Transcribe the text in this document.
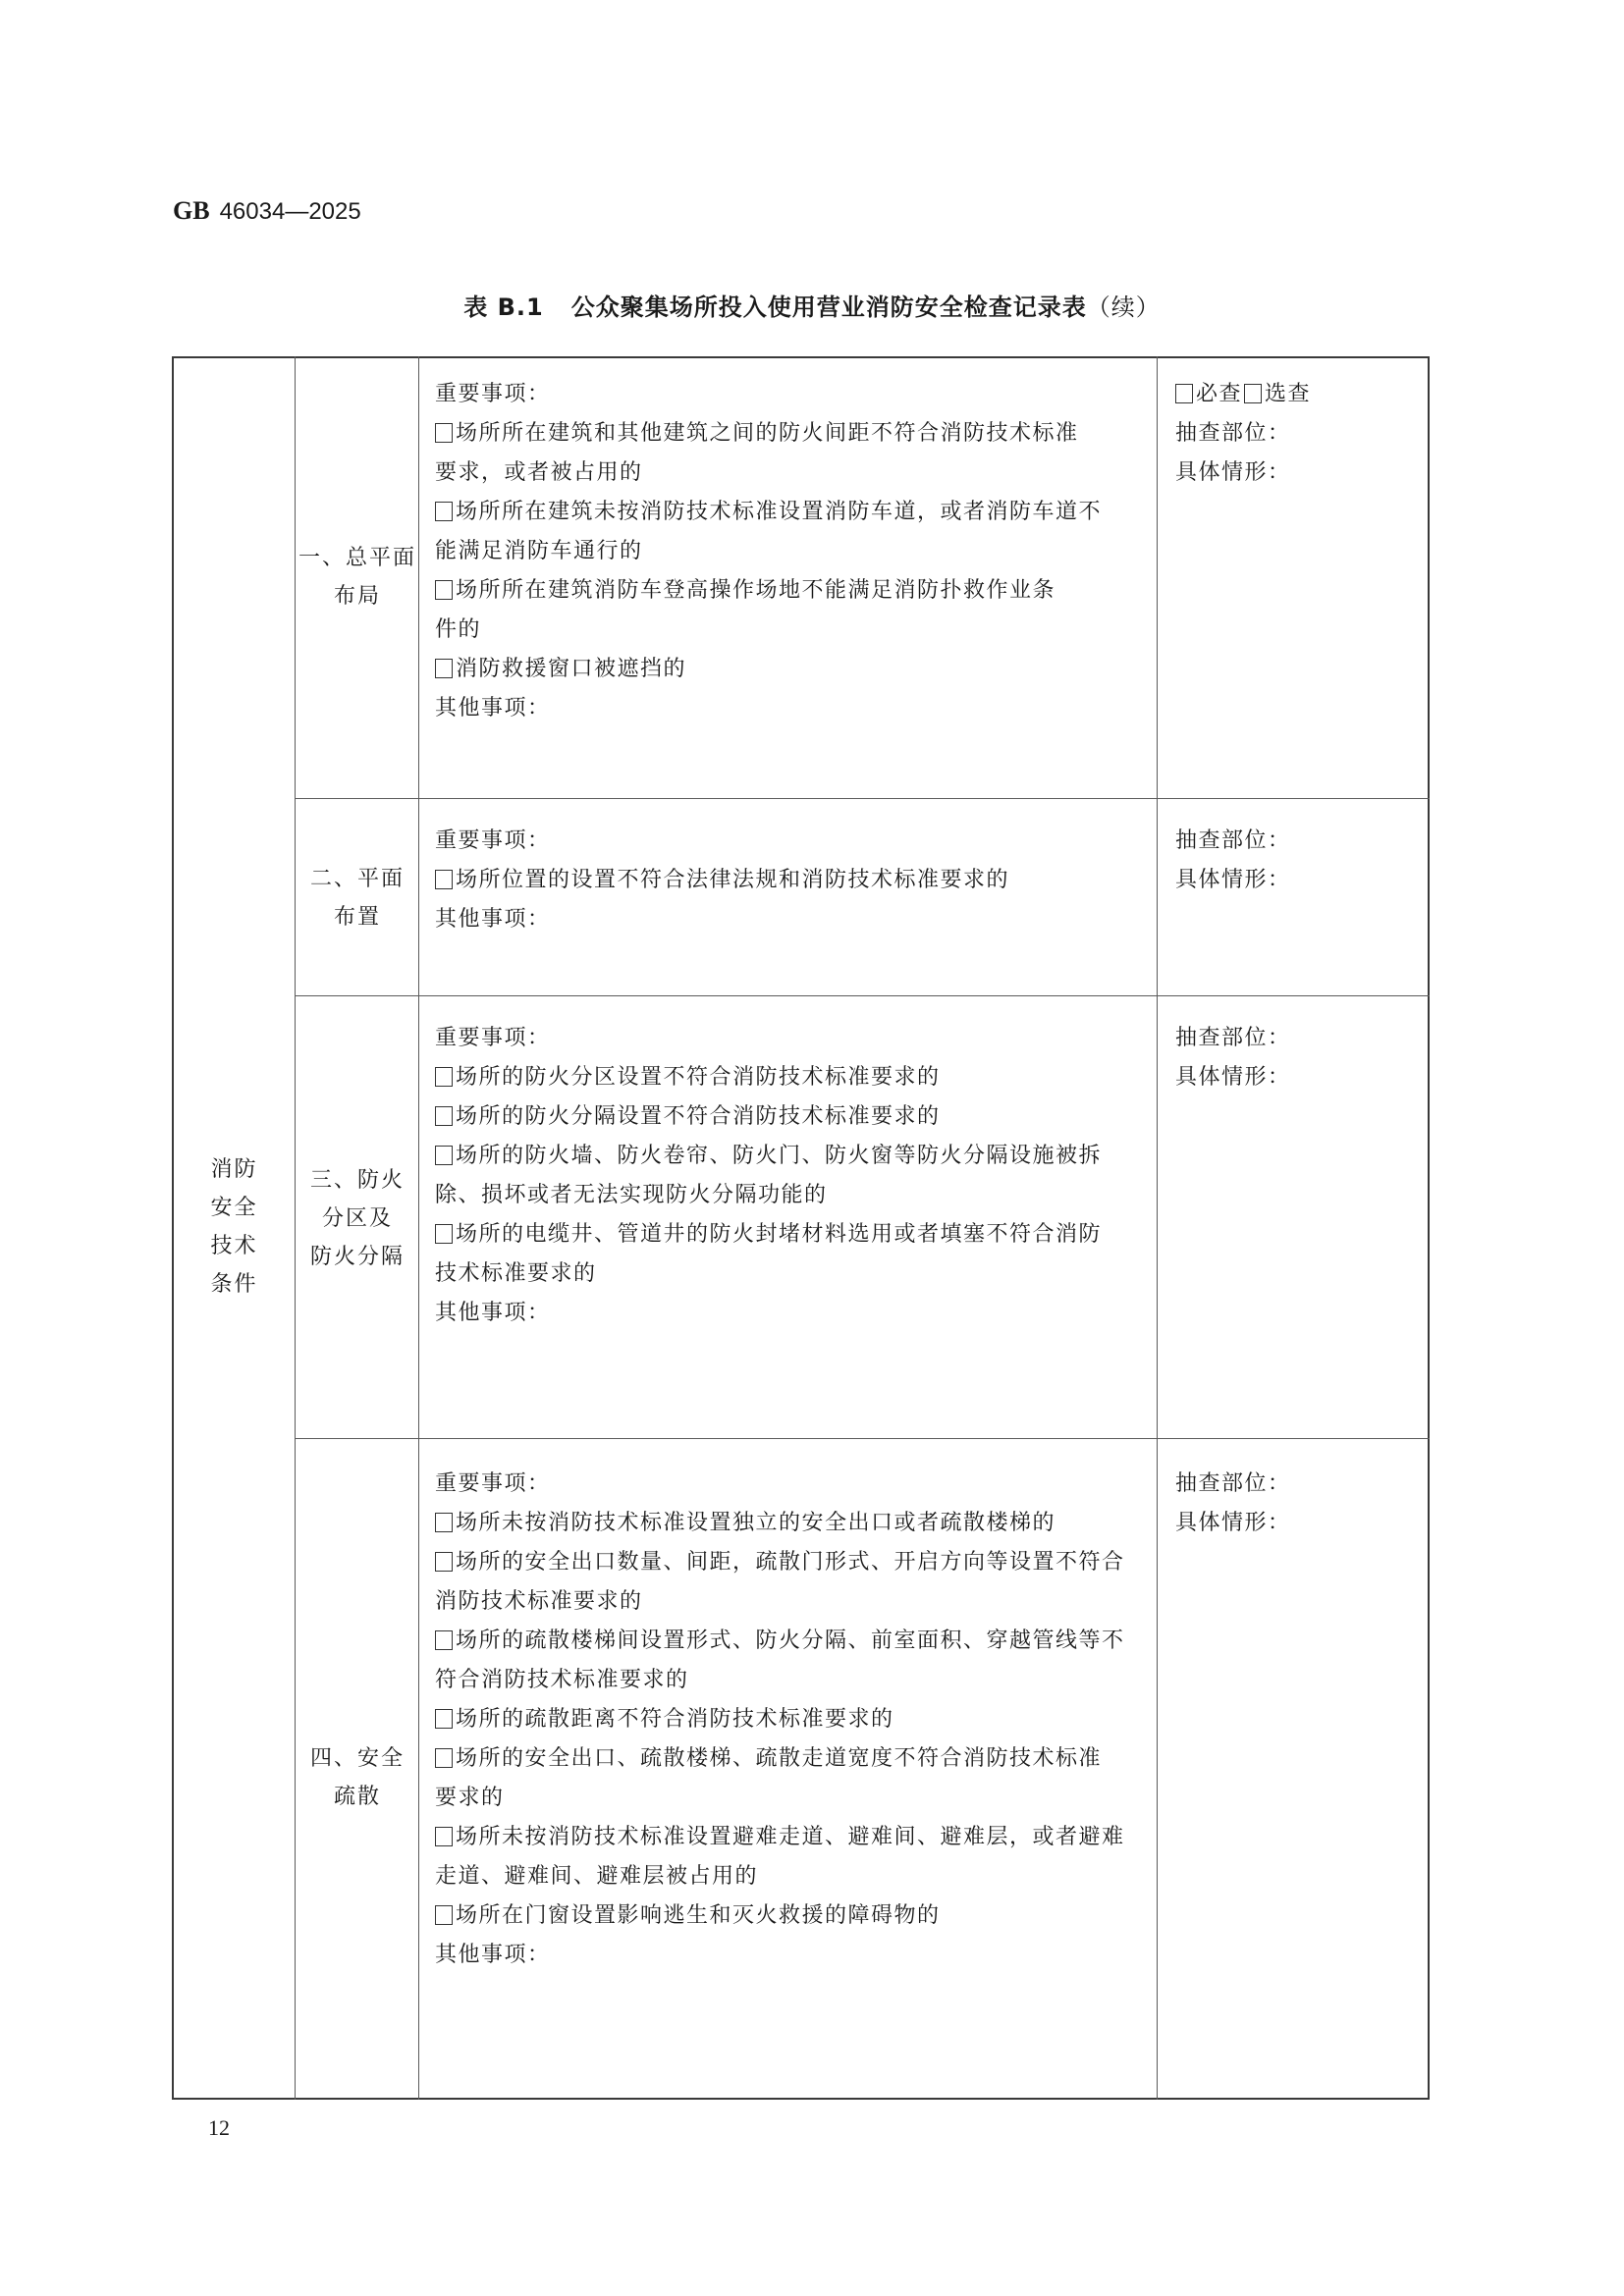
GB 46034—2025
表 B.1 公众聚集场所投入使用营业消防安全检查记录表（续）
消防
安全
技术
条件
一、总平面
布局
重要事项：
场所所在建筑和其他建筑之间的防火间距不符合消防技术标准
要求，或者被占用的
场所所在建筑未按消防技术标准设置消防车道，或者消防车道不
能满足消防车通行的
场所所在建筑消防车登高操作场地不能满足消防扑救作业条
件的
消防救援窗口被遮挡的
其他事项：
必查 选查
抽查部位：
具体情形：
二、平面
布置
重要事项：
场所位置的设置不符合法律法规和消防技术标准要求的
其他事项：
抽查部位：
具体情形：
三、防火
分区及
防火分隔
重要事项：
场所的防火分区设置不符合消防技术标准要求的
场所的防火分隔设置不符合消防技术标准要求的
场所的防火墙、防火卷帘、防火门、防火窗等防火分隔设施被拆
除、损坏或者无法实现防火分隔功能的
场所的电缆井、管道井的防火封堵材料选用或者填塞不符合消防
技术标准要求的
其他事项：
抽查部位：
具体情形：
四、安全
疏散
重要事项：
场所未按消防技术标准设置独立的安全出口或者疏散楼梯的
场所的安全出口数量、间距，疏散门形式、开启方向等设置不符合
消防技术标准要求的
场所的疏散楼梯间设置形式、防火分隔、前室面积、穿越管线等不
符合消防技术标准要求的
场所的疏散距离不符合消防技术标准要求的
场所的安全出口、疏散楼梯、疏散走道宽度不符合消防技术标准
要求的
场所未按消防技术标准设置避难走道、避难间、避难层，或者避难
走道、避难间、避难层被占用的
场所在门窗设置影响逃生和灭火救援的障碍物的
其他事项：
抽查部位：
具体情形：
12
